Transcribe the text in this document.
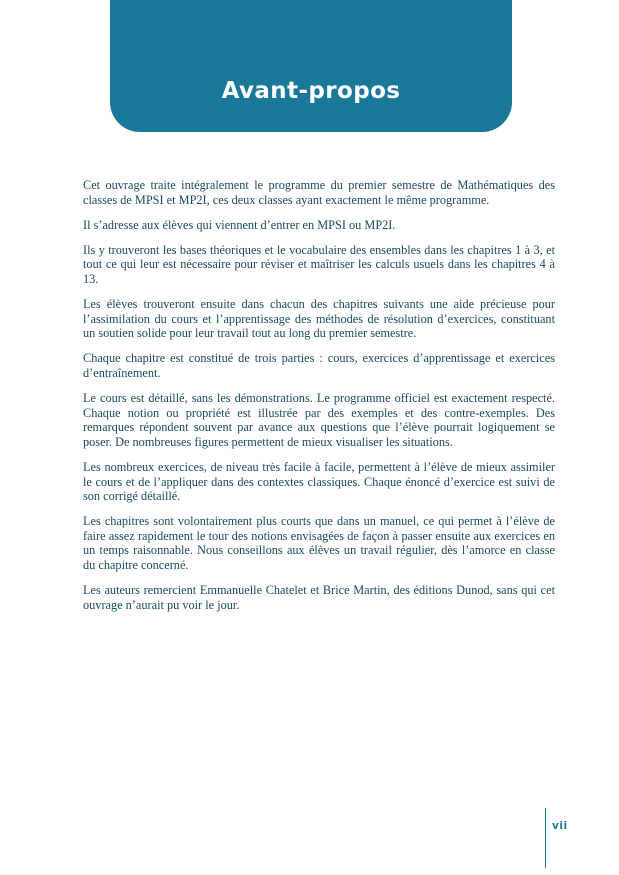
Avant-propos

Cet ouvrage traite intégralement le programme du premier semestre de Mathématiques des classes de MPSI et MP2I, ces deux classes ayant exactement le même programme.

Il s’adresse aux élèves qui viennent d’entrer en MPSI ou MP2I.

Ils y trouveront les bases théoriques et le vocabulaire des ensembles dans les chapitres 1 à 3, et tout ce qui leur est nécessaire pour réviser et maîtriser les calculs usuels dans les chapitres 4 à 13.

Les élèves trouveront ensuite dans chacun des chapitres suivants une aide précieuse pour l’assimilation du cours et l’apprentissage des méthodes de résolution d’exercices, constituant un soutien solide pour leur travail tout au long du premier semestre.

Chaque chapitre est constitué de trois parties : cours, exercices d’apprentissage et exercices d’entraînement.

Le cours est détaillé, sans les démonstrations. Le programme officiel est exactement respecté. Chaque notion ou propriété est illustrée par des exemples et des contre-exemples. Des remarques répondent souvent par avance aux questions que l’élève pourrait logiquement se poser. De nombreuses figures permettent de mieux visualiser les situations.

Les nombreux exercices, de niveau très facile à facile, permettent à l’élève de mieux assimiler le cours et de l’appliquer dans des contextes classiques. Chaque énoncé d’exercice est suivi de son corrigé détaillé.

Les chapitres sont volontairement plus courts que dans un manuel, ce qui permet à l’élève de faire assez rapidement le tour des notions envisagées de façon à passer ensuite aux exercices en un temps raisonnable. Nous conseillons aux élèves un travail régulier, dès l’amorce en classe du chapitre concerné.

Les auteurs remercient Emmanuelle Chatelet et Brice Martin, des éditions Dunod, sans qui cet ouvrage n’aurait pu voir le jour.

vii
